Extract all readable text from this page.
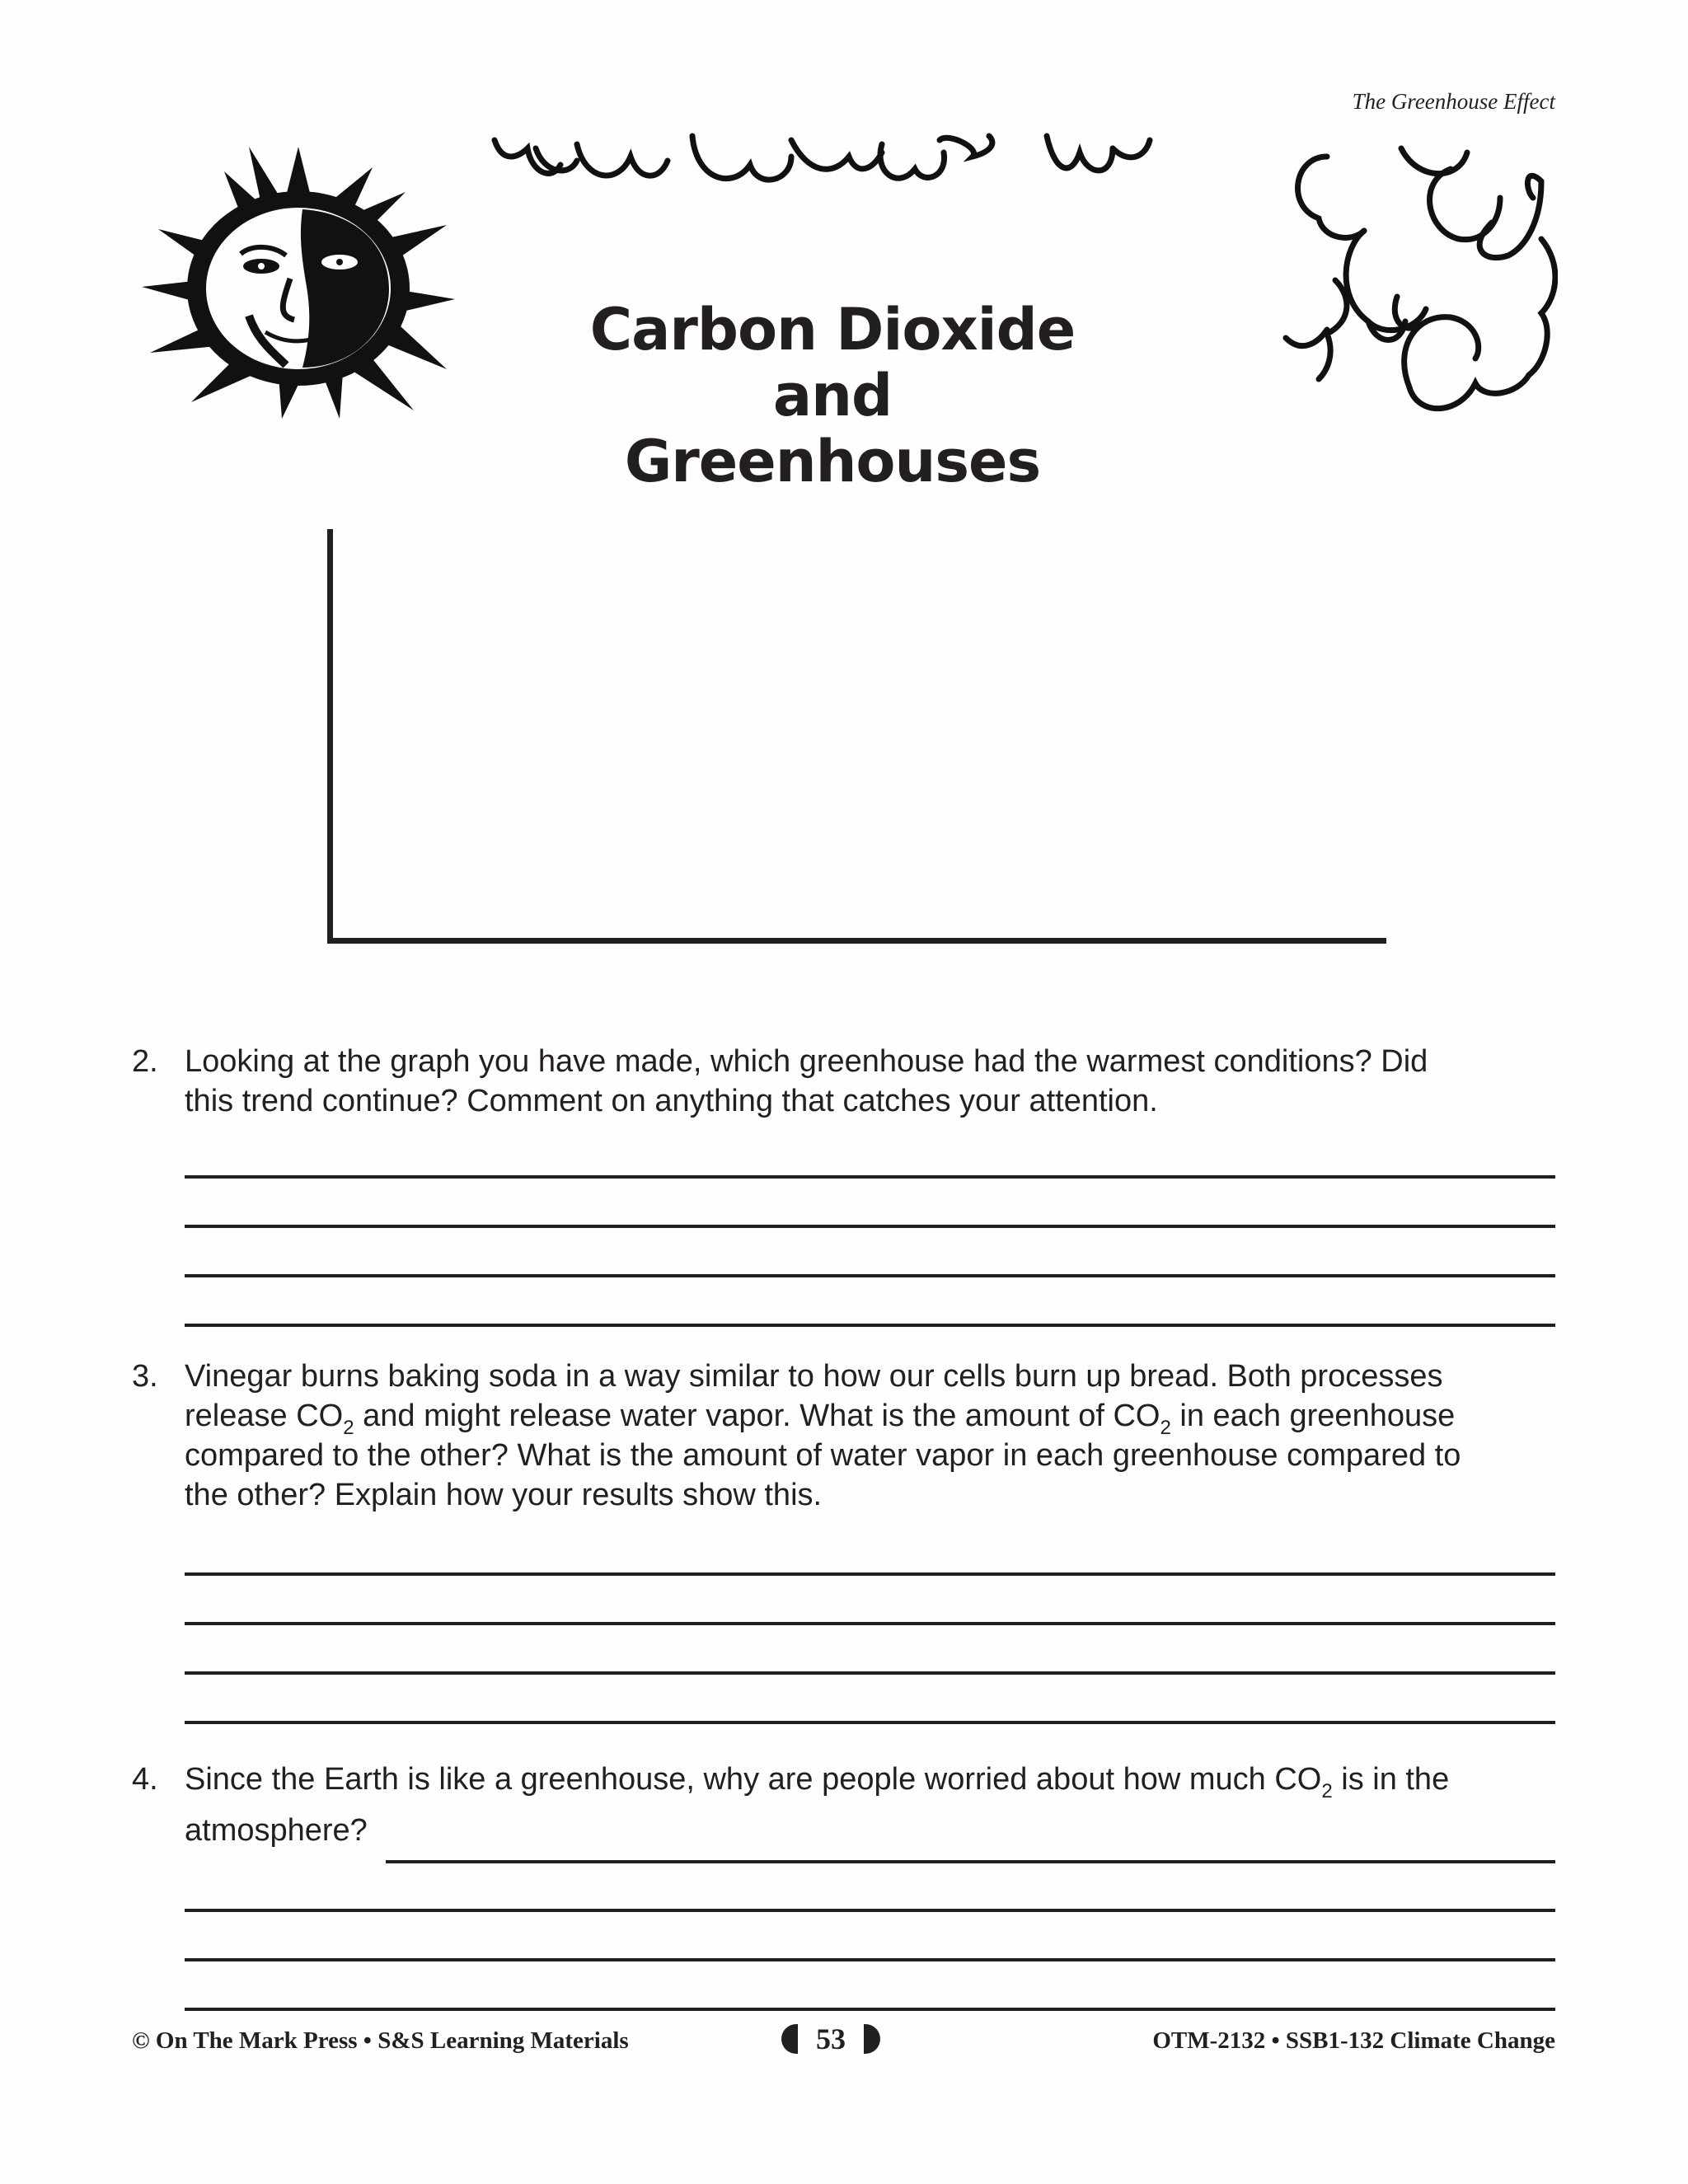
The Greenhouse Effect
Carbon Dioxide
and
Greenhouses
2. Looking at the graph you have made, which greenhouse had the warmest conditions? Did
this trend continue? Comment on anything that catches your attention.
3. Vinegar burns baking soda in a way similar to how our cells burn up bread. Both processes
release $CO_2$ and might release water vapor. What is the amount of $CO_2$ in each greenhouse
compared to the other? What is the amount of water vapor in each greenhouse compared to
the other? Explain how your results show this.
4. Since the Earth is like a greenhouse, why are people worried about how much $CO_2$ is in the
atmosphere?
© On The Mark Press • S&S Learning Materials	53	OTM-2132 • SSB1-132 Climate Change
